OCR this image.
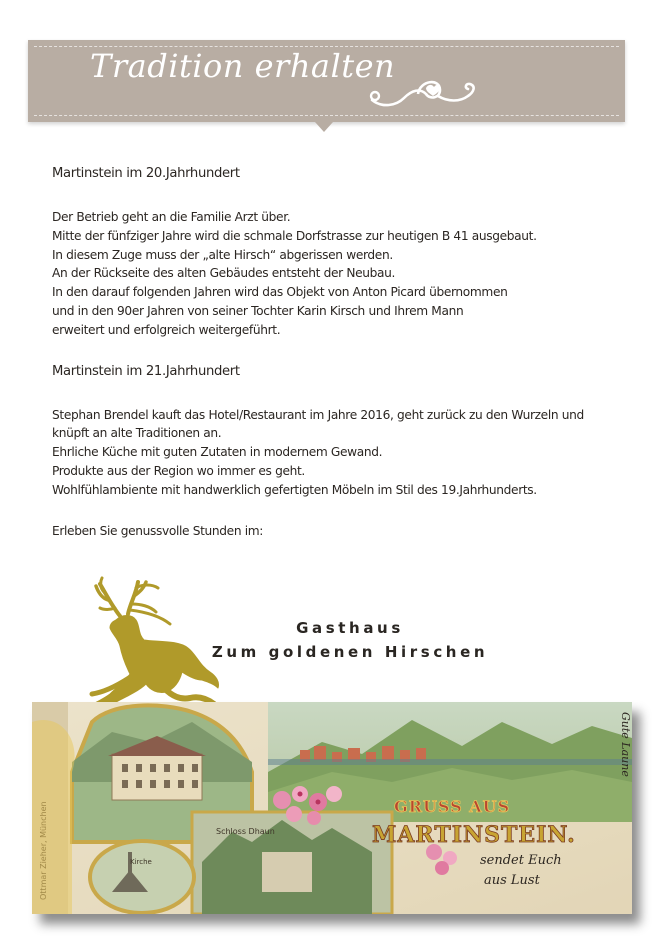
Tradition erhalten

Martinstein im 20.Jahrhundert

Der Betrieb geht an die Familie Arzt über.

Mitte der fünfziger Jahre wird die schmale Dorfstrasse zur heutigen B 41 ausgebaut.

In diesem Zuge muss der „alte Hirsch“ abgerissen werden.

An der Rückseite des alten Gebäudes entsteht der Neubau.

In den darauf folgenden Jahren wird das Objekt von Anton Picard übernommen

und in den 90er Jahren von seiner Tochter Karin Kirsch und Ihrem Mann

erweitert und erfolgreich weitergeführt.

Martinstein im 21.Jahrhundert

Stephan Brendel kauft das Hotel/Restaurant im Jahre 2016, geht zurück zu den Wurzeln und

knüpft an alte Traditionen an.

Ehrliche Küche mit guten Zutaten in modernem Gewand.

Produkte aus der Region wo immer es geht.

Wohlfühlambiente mit handwerklich gefertigten Möbeln im Stil des 19.Jahrhunderts.

Erleben Sie genussvolle Stunden im:

Gasthaus
Zum goldenen Hirschen
Schloss Dhaun
Kirche
GRUSS AUS
MARTINSTEIN.
sendet Euch
aus Lust
Gute Laune
